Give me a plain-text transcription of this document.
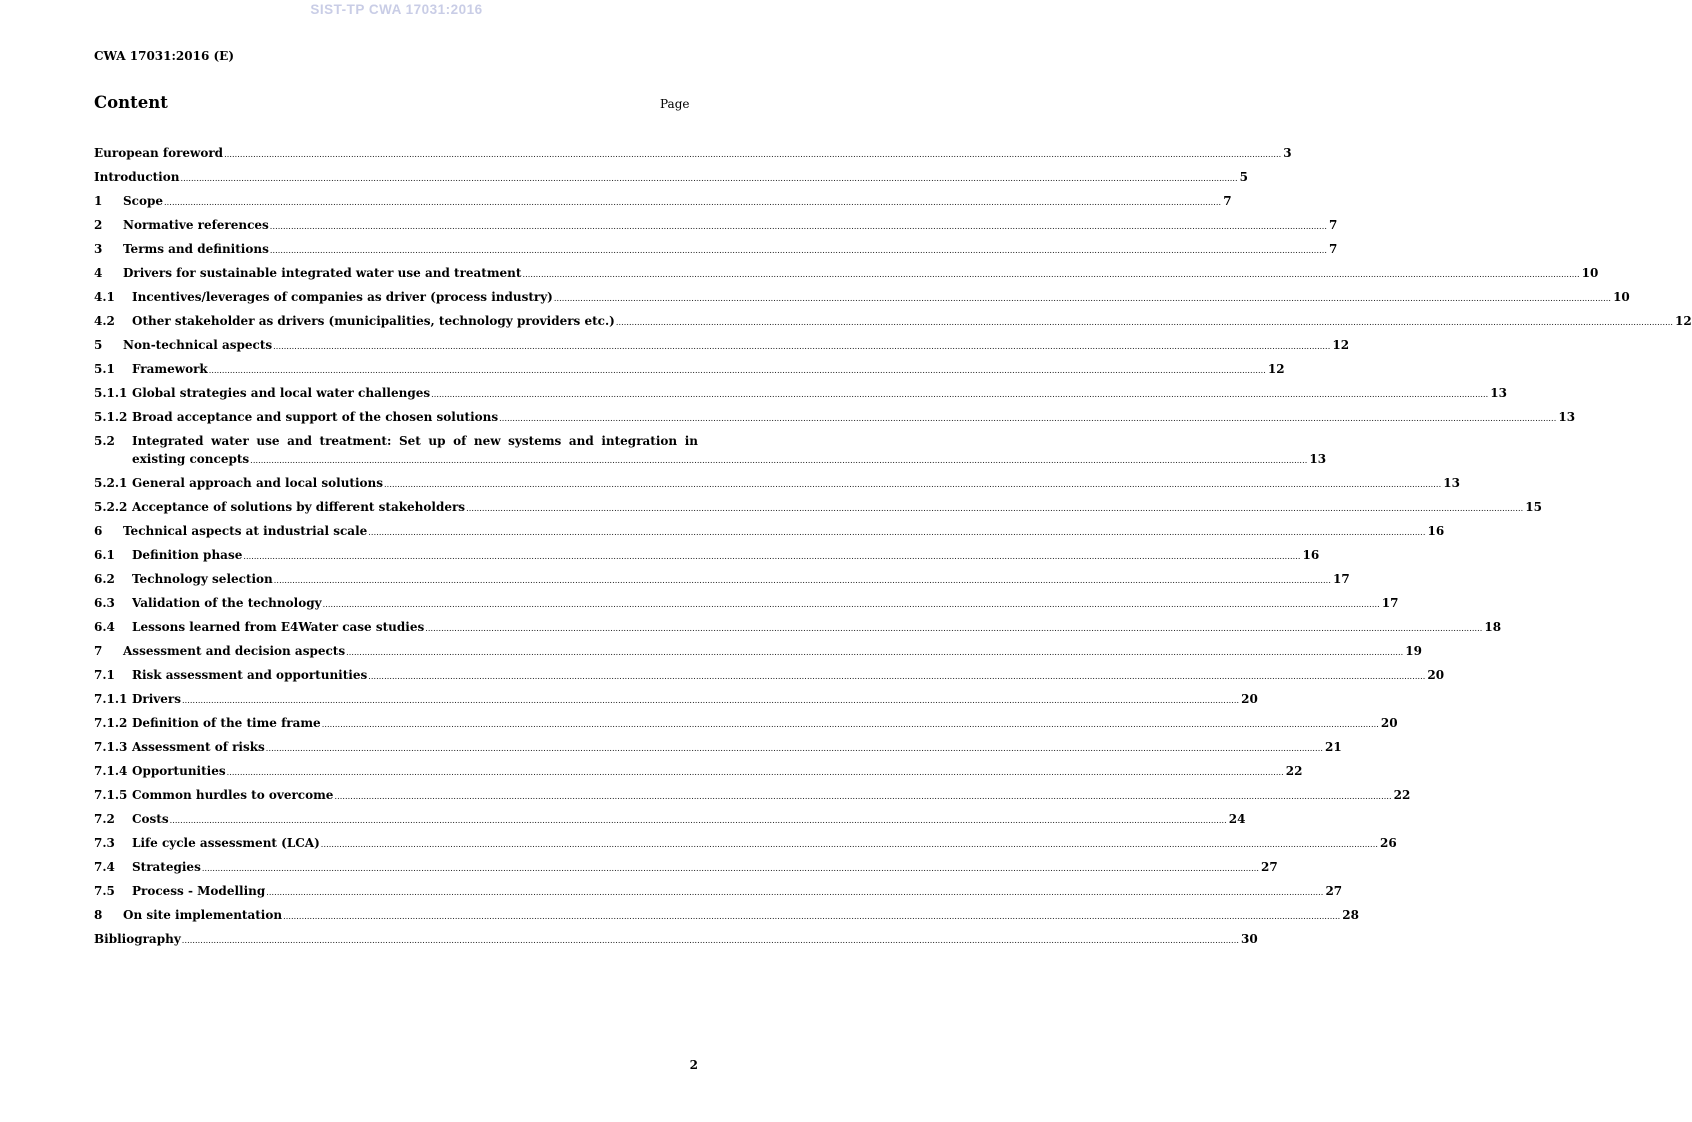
SIST-TP CWA 17031:2016
CWA 17031:2016 (E)
Content	Page
European foreword ................................................................................................................................................................................................................................................................................................................................................................................................................ 3
Introduction ................................................................................................................................................................................................................................................................................................................................................................................................................ 5
1	Scope ................................................................................................................................................................................................................................................................................................................................................................................................................ 7
2	Normative references ................................................................................................................................................................................................................................................................................................................................................................................................................ 7
3	Terms and definitions ................................................................................................................................................................................................................................................................................................................................................................................................................ 7
4	Drivers for sustainable integrated water use and treatment ................................................................................................................................................................................................................................................................................................................................................................................................................ 10
4.1	Incentives/leverages of companies as driver (process industry) ................................................................................................................................................................................................................................................................................................................................................................................................................ 10
4.2	Other stakeholder as drivers (municipalities, technology providers etc.) ................................................................................................................................................................................................................................................................................................................................................................................................................ 12
5	Non-technical aspects ................................................................................................................................................................................................................................................................................................................................................................................................................ 12
5.1	Framework ................................................................................................................................................................................................................................................................................................................................................................................................................ 12
5.1.1 Global strategies and local water challenges ................................................................................................................................................................................................................................................................................................................................................................................................................ 13
5.1.2 Broad acceptance and support of the chosen solutions ................................................................................................................................................................................................................................................................................................................................................................................................................ 13
5.2	Integrated water use and treatment: Set up of new systems and integration in
existing concepts ................................................................................................................................................................................................................................................................................................................................................................................................................ 13
5.2.1 General approach and local solutions ................................................................................................................................................................................................................................................................................................................................................................................................................ 13
5.2.2 Acceptance of solutions by different stakeholders ................................................................................................................................................................................................................................................................................................................................................................................................................ 15
6	Technical aspects at industrial scale ................................................................................................................................................................................................................................................................................................................................................................................................................ 16
6.1	Definition phase ................................................................................................................................................................................................................................................................................................................................................................................................................ 16
6.2	Technology selection ................................................................................................................................................................................................................................................................................................................................................................................................................ 17
6.3	Validation of the technology ................................................................................................................................................................................................................................................................................................................................................................................................................ 17
6.4	Lessons learned from E4Water case studies ................................................................................................................................................................................................................................................................................................................................................................................................................ 18
7	Assessment and decision aspects ................................................................................................................................................................................................................................................................................................................................................................................................................ 19
7.1	Risk assessment and opportunities ................................................................................................................................................................................................................................................................................................................................................................................................................ 20
7.1.1 Drivers ................................................................................................................................................................................................................................................................................................................................................................................................................ 20
7.1.2 Definition of the time frame ................................................................................................................................................................................................................................................................................................................................................................................................................ 20
7.1.3 Assessment of risks ................................................................................................................................................................................................................................................................................................................................................................................................................ 21
7.1.4 Opportunities ................................................................................................................................................................................................................................................................................................................................................................................................................ 22
7.1.5 Common hurdles to overcome ................................................................................................................................................................................................................................................................................................................................................................................................................ 22
7.2	Costs ................................................................................................................................................................................................................................................................................................................................................................................................................ 24
7.3	Life cycle assessment (LCA) ................................................................................................................................................................................................................................................................................................................................................................................................................ 26
7.4	Strategies ................................................................................................................................................................................................................................................................................................................................................................................................................ 27
7.5	Process - Modelling ................................................................................................................................................................................................................................................................................................................................................................................................................ 27
8	On site implementation ................................................................................................................................................................................................................................................................................................................................................................................................................ 28
Bibliography ................................................................................................................................................................................................................................................................................................................................................................................................................ 30
2
